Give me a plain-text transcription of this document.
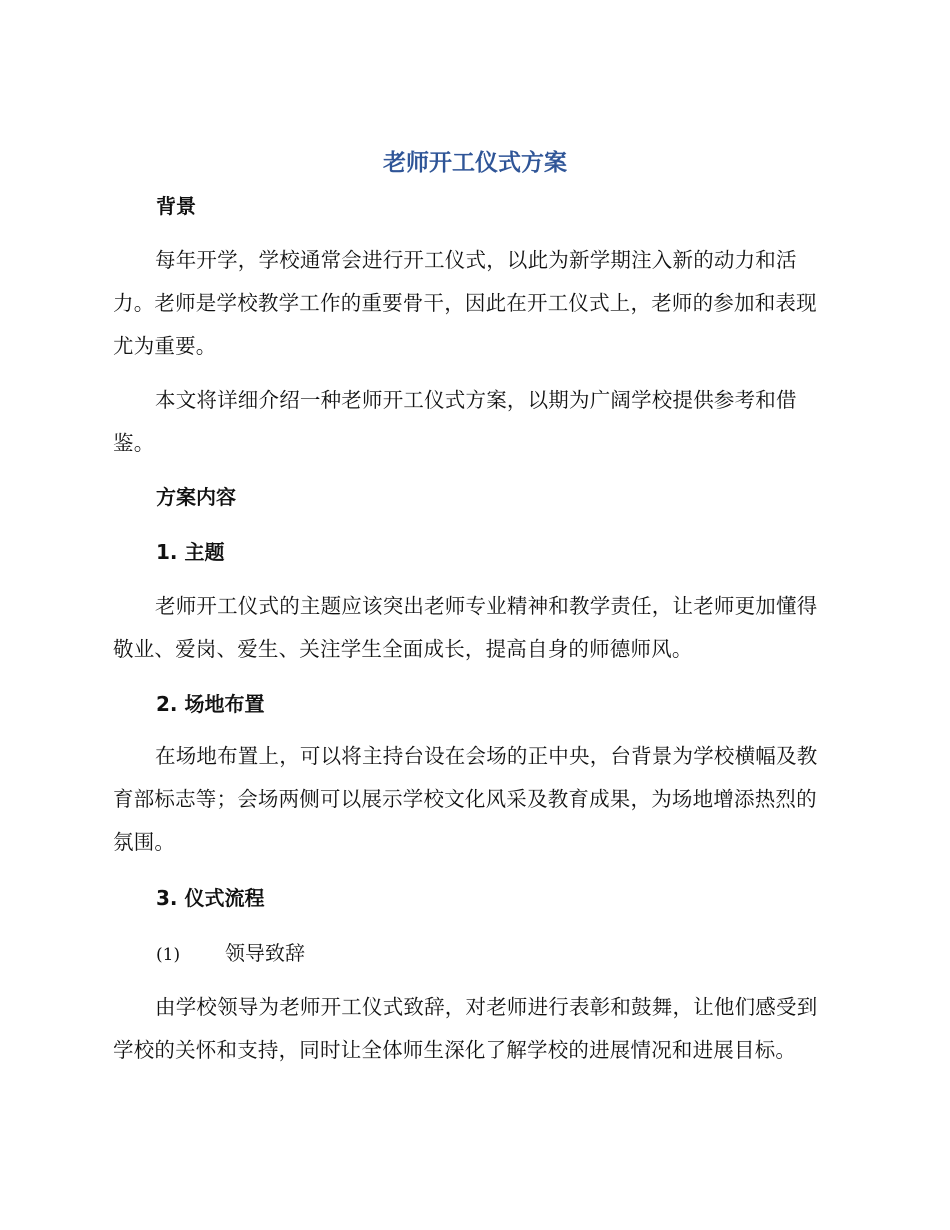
老师开工仪式方案
背景

每年开学，学校通常会进行开工仪式，以此为新学期注入新的动力和活力。老师是学校教学工作的重要骨干，因此在开工仪式上，老师的参加和表现尤为重要。

本文将详细介绍一种老师开工仪式方案，以期为广阔学校提供参考和借鉴。

方案内容
1. 主题

老师开工仪式的主题应该突出老师专业精神和教学责任，让老师更加懂得敬业、爱岗、爱生、关注学生全面成长，提高自身的师德师风。

2. 场地布置

在场地布置上，可以将主持台设在会场的正中央，台背景为学校横幅及教育部标志等；会场两侧可以展示学校文化风采及教育成果，为场地增添热烈的氛围。

3. 仪式流程
(1) 领导致辞

由学校领导为老师开工仪式致辞，对老师进行表彰和鼓舞，让他们感受到学校的关怀和支持，同时让全体师生深化了解学校的进展情况和进展目标。
